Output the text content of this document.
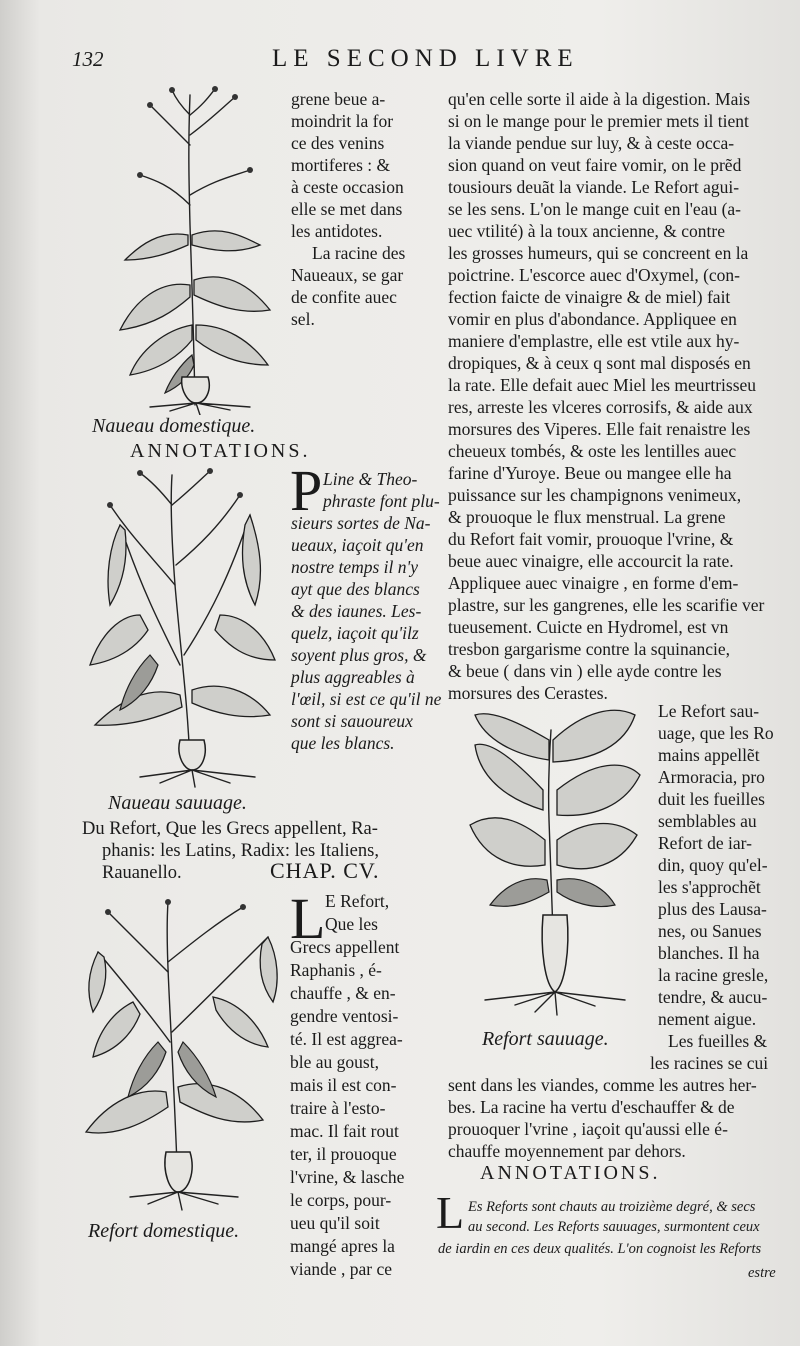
132	LE SECOND LIVRE
grene beue a-
moindrit la for
ce des venins
mortiferes : &
à ceste occasion
elle se met dans
les antidotes.
La racine des
Naueaux, se gar
de confite auec
sel.
Naueau domestique.
ANNOTATIONS.
P Line & Theo-
phraste font plu-
sieurs sortes de Na-
ueaux, iaçoit qu'en
nostre temps il n'y
ayt que des blancs
& des iaunes. Les-
quelz, iaçoit qu'ilz
soyent plus gros, &
plus aggreables à
l'œil, si est ce qu'il ne
sont si sauoureux
que les blancs.
Naueau sauuage.
Du Refort, Que les Grecs appellent, Ra-
phanis: les Latins, Radix: les Italiens,
Rauanello.	CHAP. CV.
L E Refort,
Que les
Grecs appellent
Raphanis , é-
chauffe , & en-
gendre ventosi-
té. Il est aggrea-
ble au goust,
mais il est con-
traire à l'esto-
mac. Il fait rout
ter, il prouoque
l'vrine, & lasche
le corps, pour-
ueu qu'il soit
mangé apres la
viande , par ce
Refort domestique.
qu'en celle sorte il aide à la digestion. Mais
si on le mange pour le premier mets il tient
la viande pendue sur luy, & à ceste occa-
sion quand on veut faire vomir, on le prẽd
tousiours deuãt la viande. Le Refort agui-
se les sens. L'on le mange cuit en l'eau (a-
uec vtilité) à la toux ancienne, & contre
les grosses humeurs, qui se concreent en la
poictrine. L'escorce auec d'Oxymel, (con-
fection faicte de vinaigre & de miel) fait
vomir en plus d'abondance. Appliquee en
maniere d'emplastre, elle est vtile aux hy-
dropiques, & à ceux q sont mal disposés en
la rate. Elle defait auec Miel les meurtrisseu
res, arreste les vlceres corrosifs, & aide aux
morsures des Viperes. Elle fait renaistre les
cheueux tombés, & oste les lentilles auec
farine d'Yuroye. Beue ou mangee elle ha
puissance sur les champignons venimeux,
& prouoque le flux menstrual. La grene
du Refort fait vomir, prouoque l'vrine, &
beue auec vinaigre, elle accourcit la rate.
Appliquee auec vinaigre , en forme d'em-
plastre, sur les gangrenes, elle les scarifie ver
tueusement. Cuicte en Hydromel, est vn
tresbon gargarisme contre la squinancie,
& beue ( dans vin ) elle ayde contre les
morsures des Cerastes.
Le Refort sau-
uage, que les Ro
mains appellẽt
Armoracia, pro
duit les fueilles
semblables au
Refort de iar-
din, quoy qu'el-
les s'approchẽt
plus des Lausa-
nes, ou Sanues
blanches. Il ha
la racine gresle,
tendre, & aucu-
nement aigue.
Les fueilles &
les racines se cui
Refort sauuage.
sent dans les viandes, comme les autres her-
bes. La racine ha vertu d'eschauffer & de
prouoquer l'vrine , iaçoit qu'aussi elle é-
chauffe moyennement par dehors.
ANNOTATIONS.
L Es Reforts sont chauts au troizième degré, & secs
au second. Les Reforts sauuages, surmontent ceux
de iardin en ces deux qualités. L'on cognoist les Reforts
estre
